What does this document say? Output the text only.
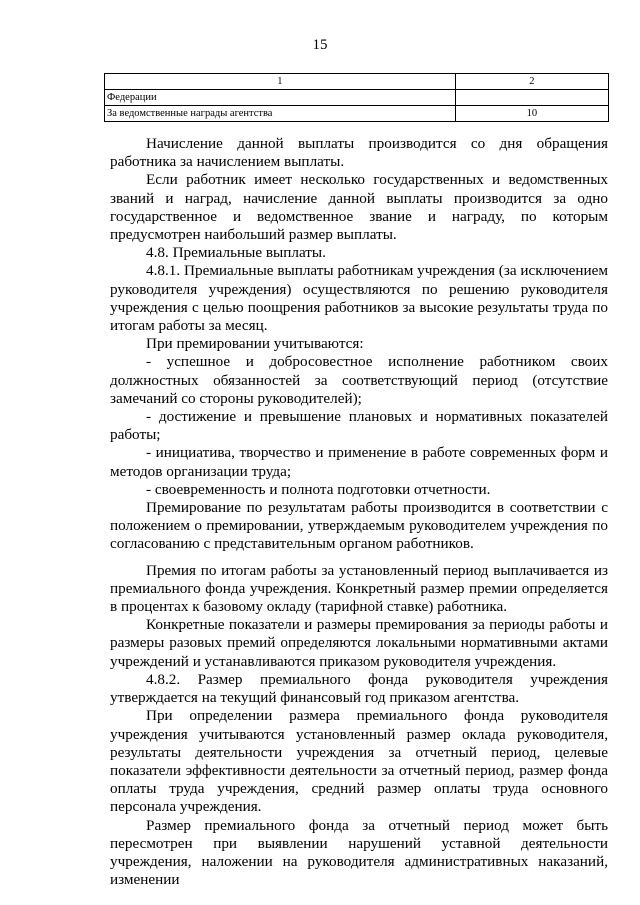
15
1	2
Федерации	
За ведомственные награды агентства	10

Начисление данной выплаты производится со дня обращения работника за начислением выплаты.

Если работник имеет несколько государственных и ведомственных званий и наград, начисление данной выплаты производится за одно государственное и ведомственное звание и награду, по которым предусмотрен наибольший размер выплаты.

4.8. Премиальные выплаты.

4.8.1. Премиальные выплаты работникам учреждения (за исключением руководителя учреждения) осуществляются по решению руководителя учреждения с целью поощрения работников за высокие результаты труда по итогам работы за месяц.

При премировании учитываются:

- успешное и добросовестное исполнение работником своих должностных обязанностей за соответствующий период (отсутствие замечаний со стороны руководителей);

- достижение и превышение плановых и нормативных показателей работы;

- инициатива, творчество и применение в работе современных форм и методов организации труда;

- своевременность и полнота подготовки отчетности.

Премирование по результатам работы производится в соответствии с положением о премировании, утверждаемым руководителем учреждения по согласованию с представительным органом работников.

Премия по итогам работы за установленный период выплачивается из премиального фонда учреждения. Конкретный размер премии определяется в процентах к базовому окладу (тарифной ставке) работника.

Конкретные показатели и размеры премирования за периоды работы и размеры разовых премий определяются локальными нормативными актами учреждений и устанавливаются приказом руководителя учреждения.

4.8.2. Размер премиального фонда руководителя учреждения утверждается на текущий финансовый год приказом агентства.

При определении размера премиального фонда руководителя учреждения учитываются установленный размер оклада руководителя, результаты деятельности учреждения за отчетный период, целевые показатели эффективности деятельности за отчетный период, размер фонда оплаты труда учреждения, средний размер оплаты труда основного персонала учреждения.

Размер премиального фонда за отчетный период может быть пересмотрен при выявлении нарушений уставной деятельности учреждения, наложении на руководителя административных наказаний, изменении
